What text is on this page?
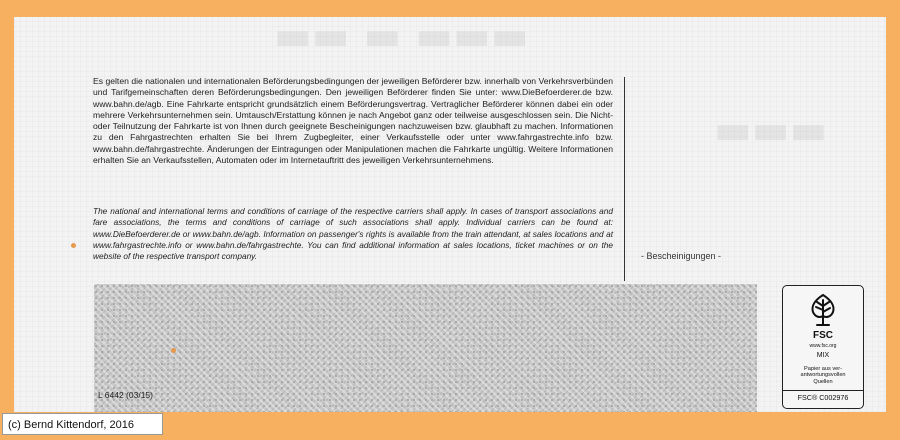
▬▬ ▬ ▬▬▬
▬▬▬
Es gelten die nationalen und internationalen Beförderungsbedingungen der jeweiligen Beförderer bzw. innerhalb von Verkehrsverbünden und Tarifgemeinschaften deren Beförderungsbedingungen. Den jeweiligen Beförderer finden Sie unter: www.DieBefoerderer.de bzw. www.bahn.de/agb. Eine Fahrkarte entspricht grundsätzlich einem Beförderungsvertrag. Vertraglicher Beförderer können dabei ein oder mehrere Verkehrsunternehmen sein. Umtausch/Erstattung können je nach Angebot ganz oder teilweise ausgeschlossen sein. Die Nicht- oder Teilnutzung der Fahrkarte ist von Ihnen durch geeignete Bescheinigungen nachzuweisen bzw. glaubhaft zu machen. Informationen zu den Fahrgastrechten erhalten Sie bei Ihrem Zugbegleiter, einer Verkaufsstelle oder unter www.fahrgastrechte.info bzw. www.bahn.de/fahrgastrechte. Änderungen der Eintragungen oder Manipulationen machen die Fahrkarte ungültig. Weitere Informationen erhalten Sie an Verkaufsstellen, Automaten oder im Internetauftritt des jeweiligen Verkehrsunternehmens.
The national and international terms and conditions of carriage of the respective carriers shall apply. In cases of transport associations and fare associations, the terms and conditions of carriage of such associations shall apply. Individual carriers can be found at: www.DieBefoerderer.de or www.bahn.de/agb. Information on passenger's rights is available from the train attendant, at sales locations and at www.fahrgastrechte.info or www.bahn.de/fahrgastrechte. You can find additional information at sales locations, ticket machines or on the website of the respective transport company.	- Bescheinigungen -
L 6442 (03/15)
FSC
www.fsc.org
MIX
Papier aus ver-
antwortungsvollen
Quellen
FSC® C002976
(c) Bernd Kittendorf, 2016
